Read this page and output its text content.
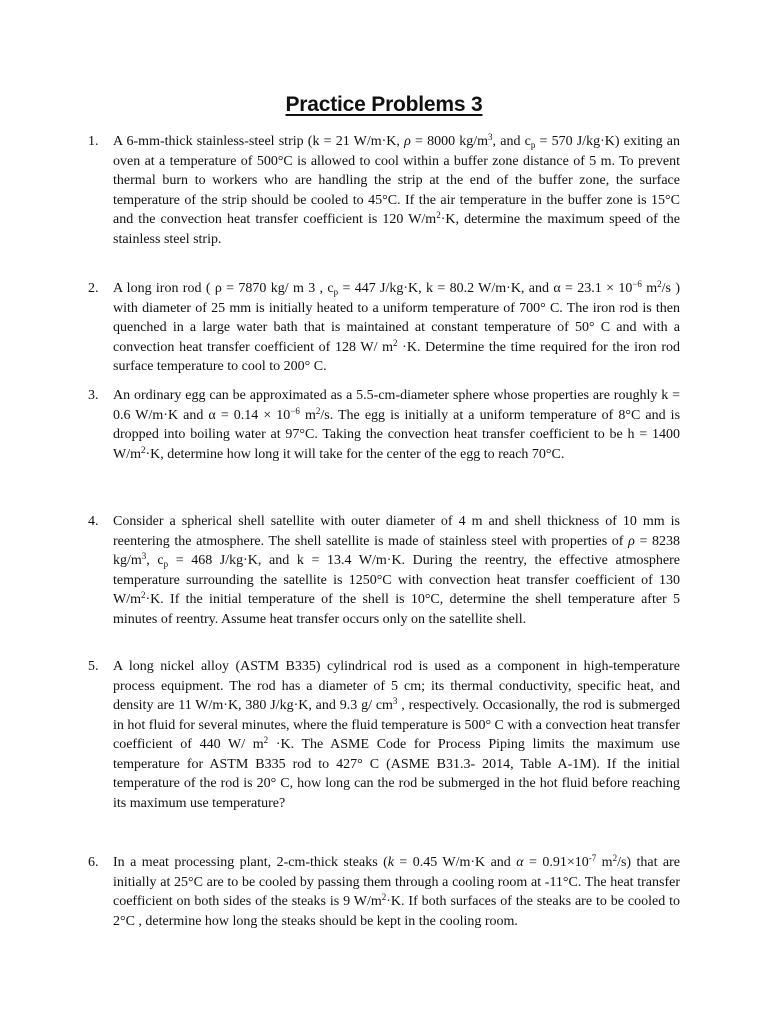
Practice Problems 3
1. A 6-mm-thick stainless-steel strip (k = 21 W/m·K, ρ = 8000 $kg/m^3$, and $c_p = 570$ J/kg·K) exiting an oven at a temperature of 500°C is allowed to cool within a buffer zone distance of 5 m. To prevent thermal burn to workers who are handling the strip at the end of the buffer zone, the surface temperature of the strip should be cooled to 45°C. If the air temperature in the buffer zone is 15°C and the convection heat transfer coefficient is 120 $W/m^2\cdot K$, determine the maximum speed of the stainless steel strip.
2. A long iron rod ( ρ = 7870 kg/ m 3 , $c_p = 447$ J/kg·K, k = 80.2 W/m·K, and $\alpha = 23.1 \times 10^{-6}$ $m^2/s$ ) with diameter of 25 mm is initially heated to a uniform temperature of 700° C. The iron rod is then quenched in a large water bath that is maintained at constant temperature of 50° C and with a convection heat transfer coefficient of 128 W/ $m^2 \cdot K$. Determine the time required for the iron rod surface temperature to cool to 200° C.
3. An ordinary egg can be approximated as a 5.5-cm-diameter sphere whose properties are roughly k = 0.6 W/m·K and $\alpha = 0.14 \times 10^{-6}$ $m^2/s$. The egg is initially at a uniform temperature of 8°C and is dropped into boiling water at 97°C. Taking the convection heat transfer coefficient to be h = 1400 $W/m^2\cdot K$, determine how long it will take for the center of the egg to reach 70°C.
4. Consider a spherical shell satellite with outer diameter of 4 m and shell thickness of 10 mm is reentering the atmosphere. The shell satellite is made of stainless steel with properties of ρ = 8238 $kg/m^3$, $c_p = 468$ J/kg·K, and k = 13.4 W/m·K. During the reentry, the effective atmosphere temperature surrounding the satellite is 1250°C with convection heat transfer coefficient of 130 $W/m^2\cdot K$. If the initial temperature of the shell is 10°C, determine the shell temperature after 5 minutes of reentry. Assume heat transfer occurs only on the satellite shell.
5. A long nickel alloy (ASTM B335) cylindrical rod is used as a component in high-temperature process equipment. The rod has a diameter of 5 cm; its thermal conductivity, specific heat, and density are 11 W/m·K, 380 J/kg·K, and 9.3 g/ $cm^3$ , respectively. Occasionally, the rod is submerged in hot fluid for several minutes, where the fluid temperature is 500° C with a convection heat transfer coefficient of 440 W/ $m^2 \cdot K$. The ASME Code for Process Piping limits the maximum use temperature for ASTM B335 rod to 427° C (ASME B31.3- 2014, Table A-1M). If the initial temperature of the rod is 20° C, how long can the rod be submerged in the hot fluid before reaching its maximum use temperature?
6. In a meat processing plant, 2-cm-thick steaks (k = 0.45 W/m·K and $\alpha = 0.91\times 10^{-7}$ $m^2/s$) that are initially at 25°C are to be cooled by passing them through a cooling room at -11°C. The heat transfer coefficient on both sides of the steaks is 9 $W/m^2\cdot K$. If both surfaces of the steaks are to be cooled to 2°C , determine how long the steaks should be kept in the cooling room.
